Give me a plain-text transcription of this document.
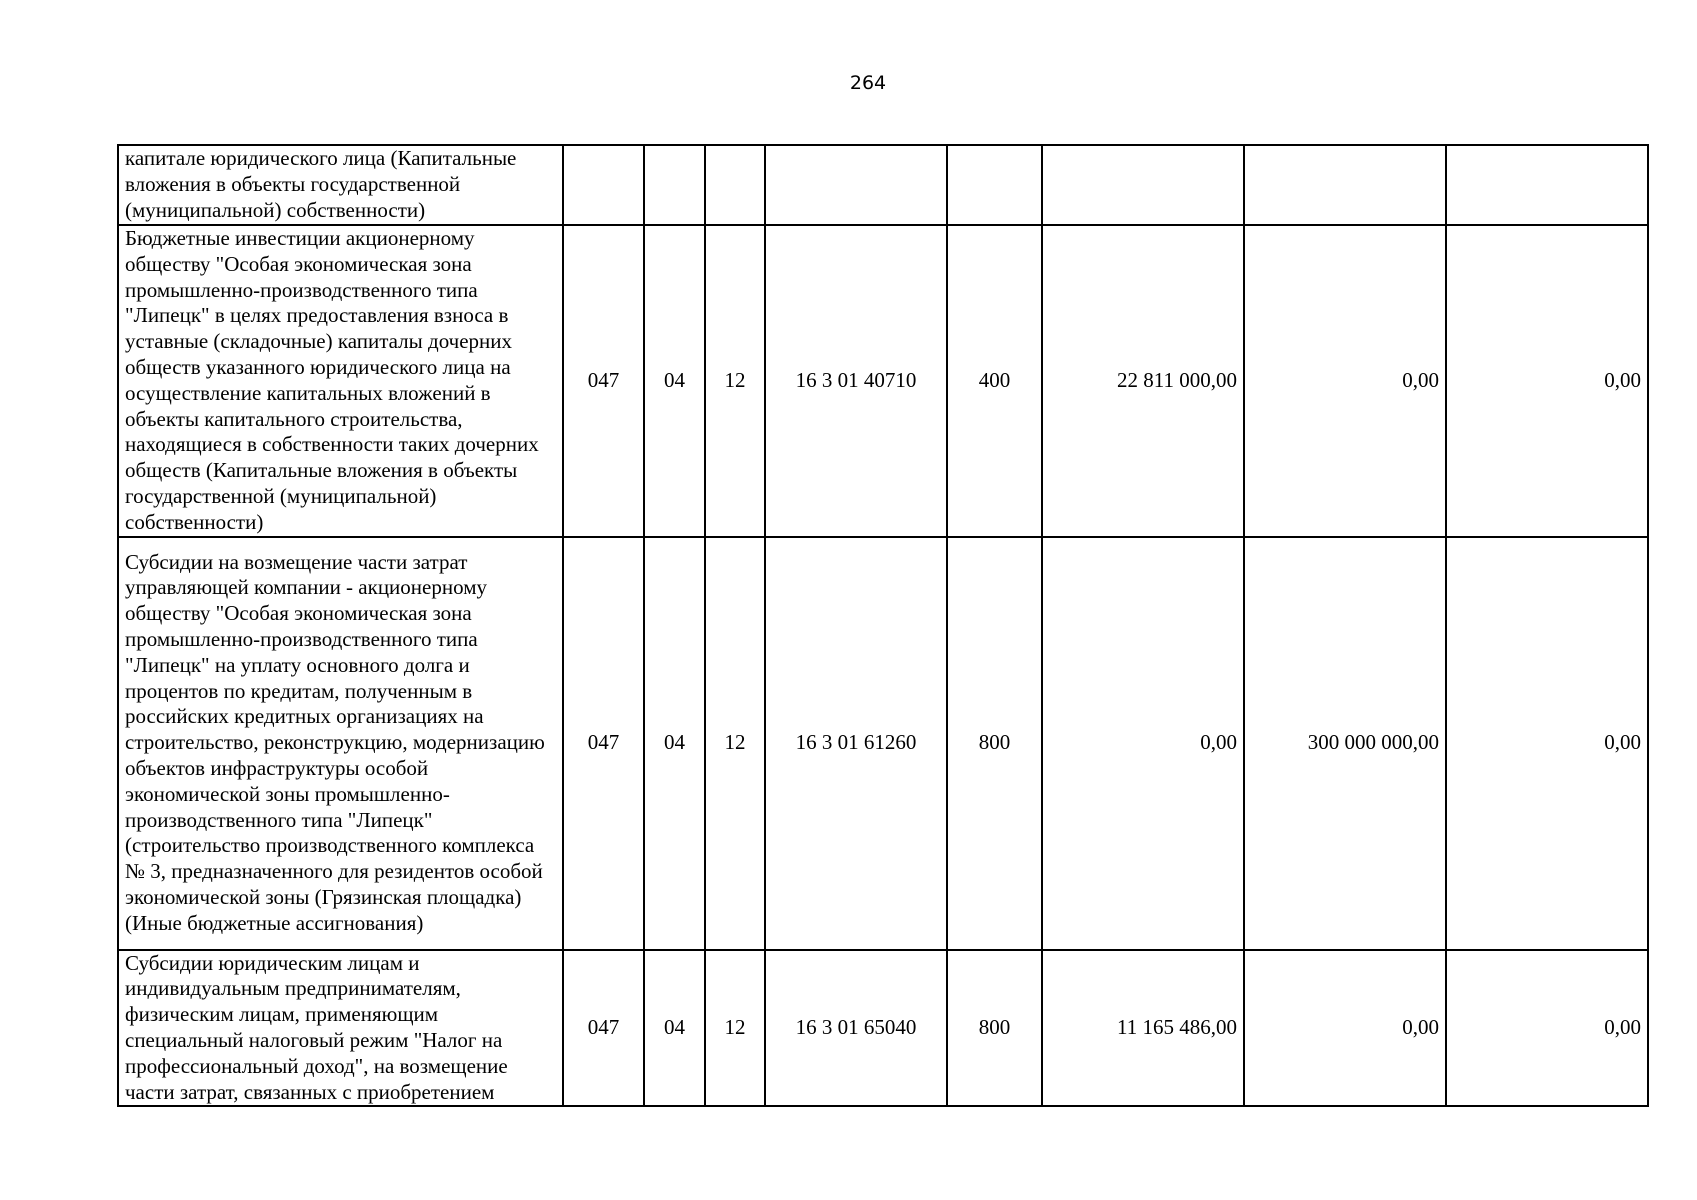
264
капитале юридического лица (Капитальные вложения в объекты государственной (муниципальной) собственности)								
Бюджетные инвестиции акционерному обществу "Особая экономическая зона промышленно-производственного типа "Липецк" в целях предоставления взноса в уставные (складочные) капиталы дочерних обществ указанного юридического лица на осуществление капитальных вложений в объекты капитального строительства, находящиеся в собственности таких дочерних обществ (Капитальные вложения в объекты государственной (муниципальной) собственности)	047	04	12	16 3 01 40710	400	22 811 000,00	0,00	0,00
Субсидии на возмещение части затрат управляющей компании - акционерному обществу "Особая экономическая зона промышленно-производственного типа "Липецк" на уплату основного долга и процентов по кредитам, полученным в российских кредитных организациях на строительство, реконструкцию, модернизацию объектов инфраструктуры особой экономической зоны промышленно-производственного типа "Липецк" (строительство производственного комплекса № 3, предназначенного для резидентов особой экономической зоны (Грязинская площадка) (Иные бюджетные ассигнования)	047	04	12	16 3 01 61260	800	0,00	300 000 000,00	0,00
Субсидии юридическим лицам и индивидуальным предпринимателям, физическим лицам, применяющим специальный налоговый режим "Налог на профессиональный доход", на возмещение части затрат, связанных с приобретением	047	04	12	16 3 01 65040	800	11 165 486,00	0,00	0,00
